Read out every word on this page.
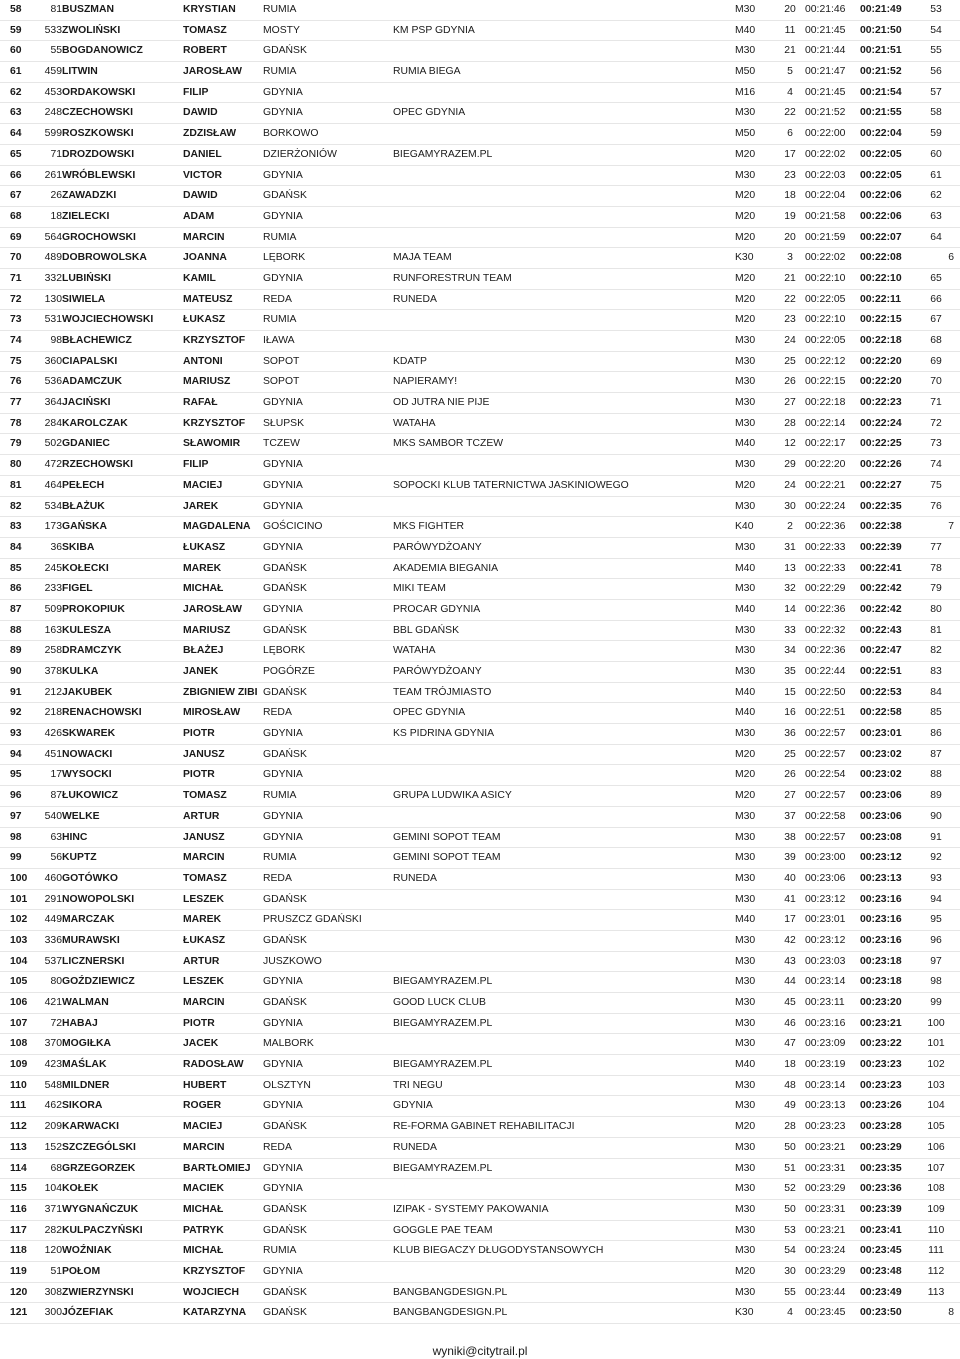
58	81 BUSZMAN	KRYSTIAN	RUMIA	M30	20 00:21:46	00:21:49	53
59	533 ZWOLIŃSKI	TOMASZ	MOSTY	KM PSP GDYNIA	M40	11 00:21:45	00:21:50	54
60	55 BOGDANOWICZ	ROBERT	GDAŃSK	M30	21 00:21:44	00:21:51	55
61	459 LITWIN	JAROSŁAW	RUMIA	RUMIA BIEGA	M50	5	00:21:47	00:21:52	56
62	453 ORDAKOWSKI	FILIP	GDYNIA	M16	4	00:21:45	00:21:54	57
63	248 CZECHOWSKI	DAWID	GDYNIA	OPEC GDYNIA	M30	22 00:21:52	00:21:55	58
64	599 ROSZKOWSKI	ZDZISŁAW	BORKOWO	M50	6	00:22:00	00:22:04	59
65	71 DROZDOWSKI	DANIEL	DZIERŻONIÓW	BIEGAMYRAZEM.PL	M20	17 00:22:02	00:22:05	60
66	261 WRÓBLEWSKI	VICTOR	GDYNIA	M30	23 00:22:03	00:22:05	61
67	26 ZAWADZKI	DAWID	GDAŃSK	M20	18 00:22:04	00:22:06	62
68	18 ZIELECKI	ADAM	GDYNIA	M20	19 00:21:58	00:22:06	63
69	564 GROCHOWSKI	MARCIN	RUMIA	M20	20 00:21:59	00:22:07	64
70	489 DOBROWOLSKA	JOANNA	LĘBORK	MAJA TEAM	K30	3	00:22:02	00:22:08	6
71	332 LUBIŃSKI	KAMIL	GDYNIA	RUNFORESTRUN TEAM	M20	21 00:22:10	00:22:10	65
72	130 SIWIELA	MATEUSZ	REDA	RUNEDA	M20	22 00:22:05	00:22:11	66
73	531 WOJCIECHOWSKI	ŁUKASZ	RUMIA	M20	23 00:22:10	00:22:15	67
74	98 BŁACHEWICZ	KRZYSZTOF	IŁAWA	M30	24 00:22:05	00:22:18	68
75	360 CIAPALSKI	ANTONI	SOPOT	KDATP	M30	25 00:22:12	00:22:20	69
76	536 ADAMCZUK	MARIUSZ	SOPOT	NAPIERAMY!	M30	26 00:22:15	00:22:20	70
77	364 JACIŃSKI	RAFAŁ	GDYNIA	OD JUTRA NIE PIJE	M30	27 00:22:18	00:22:23	71
78	284 KAROLCZAK	KRZYSZTOF	SŁUPSK	WATAHA	M30	28 00:22:14	00:22:24	72
79	502 GDANIEC	SŁAWOMIR	TCZEW	MKS SAMBOR TCZEW	M40	12 00:22:17	00:22:25	73
80	472 RZECHOWSKI	FILIP	GDYNIA	M30	29 00:22:20	00:22:26	74
81	464 PEŁECH	MACIEJ	GDYNIA	SOPOCKI KLUB TATERNICTWA JASKINIOWEGO	M20	24 00:22:21	00:22:27	75
82	534 BŁAŻUK	JAREK	GDYNIA	M30	30 00:22:24	00:22:35	76
83	173 GAŃSKA	MAGDALENA	GOŚCICINO	MKS FIGHTER	K40	2	00:22:36	00:22:38	7
84	36 SKIBA	ŁUKASZ	GDYNIA	PARÓWYDŻOANY	M30	31 00:22:33	00:22:39	77
85	245 KOŁECKI	MAREK	GDAŃSK	AKADEMIA BIEGANIA	M40	13 00:22:33	00:22:41	78
86	233 FIGEL	MICHAŁ	GDAŃSK	MIKI TEAM	M30	32 00:22:29	00:22:42	79
87	509 PROKOPIUK	JAROSŁAW	GDYNIA	PROCAR GDYNIA	M40	14 00:22:36	00:22:42	80
88	163 KULESZA	MARIUSZ	GDAŃSK	BBL GDAŃSK	M30	33 00:22:32	00:22:43	81
89	258 DRAMCZYK	BŁAŻEJ	LĘBORK	WATAHA	M30	34 00:22:36	00:22:47	82
90	378 KULKA	JANEK	POGÓRZE	PARÓWYDŻOANY	M30	35 00:22:44	00:22:51	83
91	212 JAKUBEK	ZBIGNIEW ZIBI GDAŃSK	TEAM TRÓJMIASTO	M40	15 00:22:50	00:22:53	84
92	218 RENACHOWSKI	MIROSŁAW	REDA	OPEC GDYNIA	M40	16 00:22:51	00:22:58	85
93	426 SKWAREK	PIOTR	GDYNIA	KS PIDRINA GDYNIA	M30	36 00:22:57	00:23:01	86
94	451 NOWACKI	JANUSZ	GDAŃSK	M20	25 00:22:57	00:23:02	87
95	17 WYSOCKI	PIOTR	GDYNIA	M20	26 00:22:54	00:23:02	88
96	87 ŁUKOWICZ	TOMASZ	RUMIA	GRUPA LUDWIKA ASICY	M20	27 00:22:57	00:23:06	89
97	540 WELKE	ARTUR	GDYNIA	M30	37 00:22:58	00:23:06	90
98	63 HINC	JANUSZ	GDYNIA	GEMINI SOPOT TEAM	M30	38 00:22:57	00:23:08	91
99	56 KUPTZ	MARCIN	RUMIA	GEMINI SOPOT TEAM	M30	39 00:23:00	00:23:12	92
100	460 GOTÓWKO	TOMASZ	REDA	RUNEDA	M30	40 00:23:06	00:23:13	93
101	291 NOWOPOLSKI	LESZEK	GDAŃSK	M30	41 00:23:12	00:23:16	94
102	449 MARCZAK	MAREK	PRUSZCZ GDAŃSKI	M40	17 00:23:01	00:23:16	95
103	336 MURAWSKI	ŁUKASZ	GDAŃSK	M30	42 00:23:12	00:23:16	96
104	537 LICZNERSKI	ARTUR	JUSZKOWO	M30	43 00:23:03	00:23:18	97
105	80 GOŹDZIEWICZ	LESZEK	GDYNIA	BIEGAMYRAZEM.PL	M30	44 00:23:14	00:23:18	98
106	421 WALMAN	MARCIN	GDAŃSK	GOOD LUCK CLUB	M30	45 00:23:11	00:23:20	99
107	72 HABAJ	PIOTR	GDYNIA	BIEGAMYRAZEM.PL	M30	46 00:23:16	00:23:21	100
108	370 MOGIŁKA	JACEK	MALBORK	M30	47 00:23:09	00:23:22	101
109	423 MAŚLAK	RADOSŁAW	GDYNIA	BIEGAMYRAZEM.PL	M40	18 00:23:19	00:23:23	102
110	548 MILDNER	HUBERT	OLSZTYN	TRI NEGU	M30	48 00:23:14	00:23:23	103
111	462 SIKORA	ROGER	GDYNIA	GDYNIA	M30	49 00:23:13	00:23:26	104
112	209 KARWACKI	MACIEJ	GDAŃSK	RE-FORMA GABINET REHABILITACJI	M20	28 00:23:23	00:23:28	105
113	152 SZCZEGÓLSKI	MARCIN	REDA	RUNEDA	M30	50 00:23:21	00:23:29	106
114	68 GRZEGORZEK	BARTŁOMIEJ	GDYNIA	BIEGAMYRAZEM.PL	M30	51 00:23:31	00:23:35	107
115	104 KOŁEK	MACIEK	GDYNIA	M30	52 00:23:29	00:23:36	108
116	371 WYGNAŃCZUK	MICHAŁ	GDAŃSK	IZIPAK - SYSTEMY PAKOWANIA	M30	50 00:23:31	00:23:39	109
117	282 KULPACZYŃSKI	PATRYK	GDAŃSK	GOGGLE PAE TEAM	M30	53 00:23:21	00:23:41	110
118	120 WOŹNIAK	MICHAŁ	RUMIA	KLUB BIEGACZY DŁUGODYSTANSOWYCH	M30	54 00:23:24	00:23:45	111
119	51 POŁOM	KRZYSZTOF	GDYNIA	M20	30 00:23:29	00:23:48	112
120	308 ZWIERZYNSKI	WOJCIECH	GDAŃSK	BANGBANGDESIGN.PL	M30	55 00:23:44	00:23:49	113
121	300 JÓZEFIAK	KATARZYNA	GDAŃSK	BANGBANGDESIGN.PL	K30	4	00:23:45	00:23:50	8
wyniki@citytrail.pl
